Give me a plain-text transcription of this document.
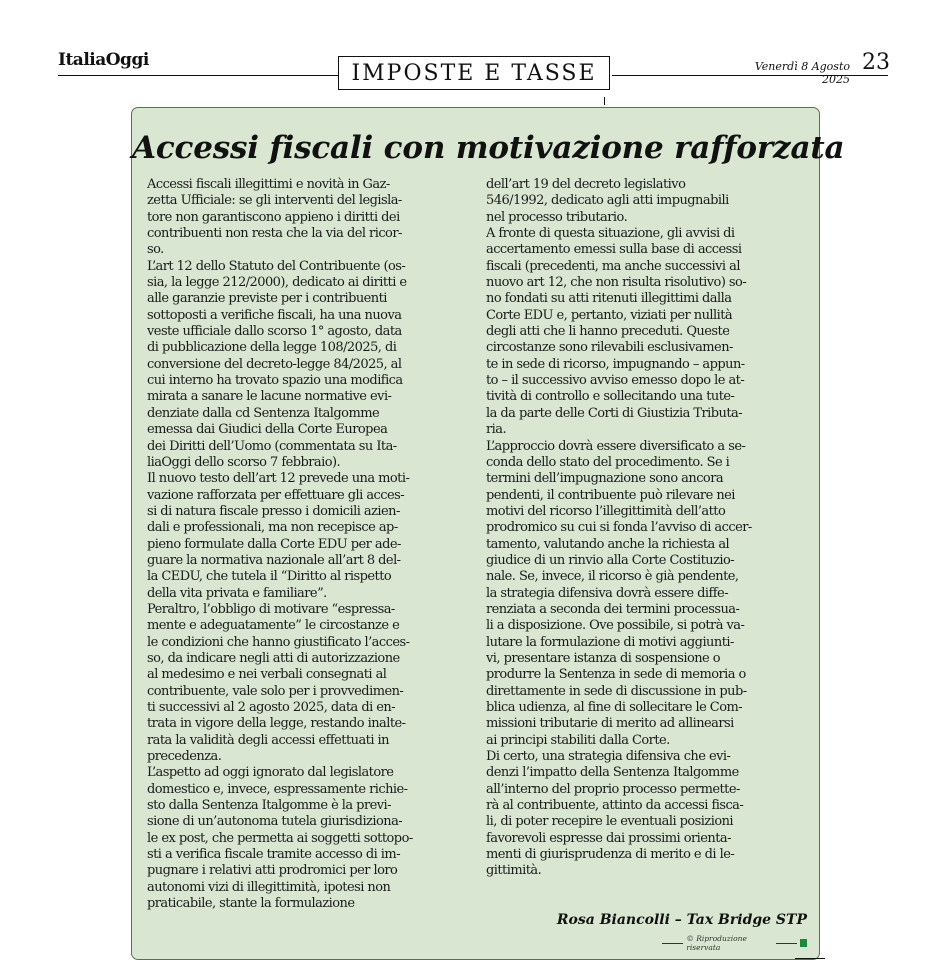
ItaliaOggi
IMPOSTE E TASSE	Venerdì 8 Agosto 2025
23
Accessi fiscali con motivazione rafforzata
Accessi fiscali illegittimi e novità in Gaz-
zetta Ufficiale: se gli interventi del legisla-
tore non garantiscono appieno i diritti dei
contribuenti non resta che la via del ricor-
so.
L’art 12 dello Statuto del Contribuente (os-
sia, la legge 212/2000), dedicato ai diritti e
alle garanzie previste per i contribuenti
sottoposti a verifiche fiscali, ha una nuova
veste ufficiale dallo scorso 1° agosto, data
di pubblicazione della legge 108/2025, di
conversione del decreto-legge 84/2025, al
cui interno ha trovato spazio una modifica
mirata a sanare le lacune normative evi-
denziate dalla cd Sentenza Italgomme
emessa dai Giudici della Corte Europea
dei Diritti dell’Uomo (commentata su Ita-
liaOggi dello scorso 7 febbraio).
Il nuovo testo dell’art 12 prevede una moti-
vazione rafforzata per effettuare gli acces-
si di natura fiscale presso i domicili azien-
dali e professionali, ma non recepisce ap-
pieno formulate dalla Corte EDU per ade-
guare la normativa nazionale all’art 8 del-
la CEDU, che tutela il “Diritto al rispetto
della vita privata e familiare”.
Peraltro, l’obbligo di motivare “espressa-
mente e adeguatamente” le circostanze e
le condizioni che hanno giustificato l’acces-
so, da indicare negli atti di autorizzazione
al medesimo e nei verbali consegnati al
contribuente, vale solo per i provvedimen-
ti successivi al 2 agosto 2025, data di en-
trata in vigore della legge, restando inalte-
rata la validità degli accessi effettuati in
precedenza.
L’aspetto ad oggi ignorato dal legislatore
domestico e, invece, espressamente richie-
sto dalla Sentenza Italgomme è la previ-
sione di un’autonoma tutela giurisdiziona-
le ex post, che permetta ai soggetti sottopo-
sti a verifica fiscale tramite accesso di im-
pugnare i relativi atti prodromici per loro
autonomi vizi di illegittimità, ipotesi non
praticabile, stante la formulazione
dell’art 19 del decreto legislativo
546/1992, dedicato agli atti impugnabili
nel processo tributario.
A fronte di questa situazione, gli avvisi di
accertamento emessi sulla base di accessi
fiscali (precedenti, ma anche successivi al
nuovo art 12, che non risulta risolutivo) so-
no fondati su atti ritenuti illegittimi dalla
Corte EDU e, pertanto, viziati per nullità
degli atti che li hanno preceduti. Queste
circostanze sono rilevabili esclusivamen-
te in sede di ricorso, impugnando – appun-
to – il successivo avviso emesso dopo le at-
tività di controllo e sollecitando una tute-
la da parte delle Corti di Giustizia Tributa-
ria.
L’approccio dovrà essere diversificato a se-
conda dello stato del procedimento. Se i
termini dell’impugnazione sono ancora
pendenti, il contribuente può rilevare nei
motivi del ricorso l’illegittimità dell’atto
prodromico su cui si fonda l’avviso di accer-
tamento, valutando anche la richiesta al
giudice di un rinvio alla Corte Costituzio-
nale. Se, invece, il ricorso è già pendente,
la strategia difensiva dovrà essere diffe-
renziata a seconda dei termini processua-
li a disposizione. Ove possibile, si potrà va-
lutare la formulazione di motivi aggiunti-
vi, presentare istanza di sospensione o
produrre la Sentenza in sede di memoria o
direttamente in sede di discussione in pub-
blica udienza, al fine di sollecitare le Com-
missioni tributarie di merito ad allinearsi
ai principi stabiliti dalla Corte.
Di certo, una strategia difensiva che evi-
denzi l’impatto della Sentenza Italgomme
all’interno del proprio processo permette-
rà al contribuente, attinto da accessi fisca-
li, di poter recepire le eventuali posizioni
favorevoli espresse dai prossimi orienta-
menti di giurisprudenza di merito e di le-
gittimità.
Rosa Biancolli – Tax Bridge STP
© Riproduzione riservata
